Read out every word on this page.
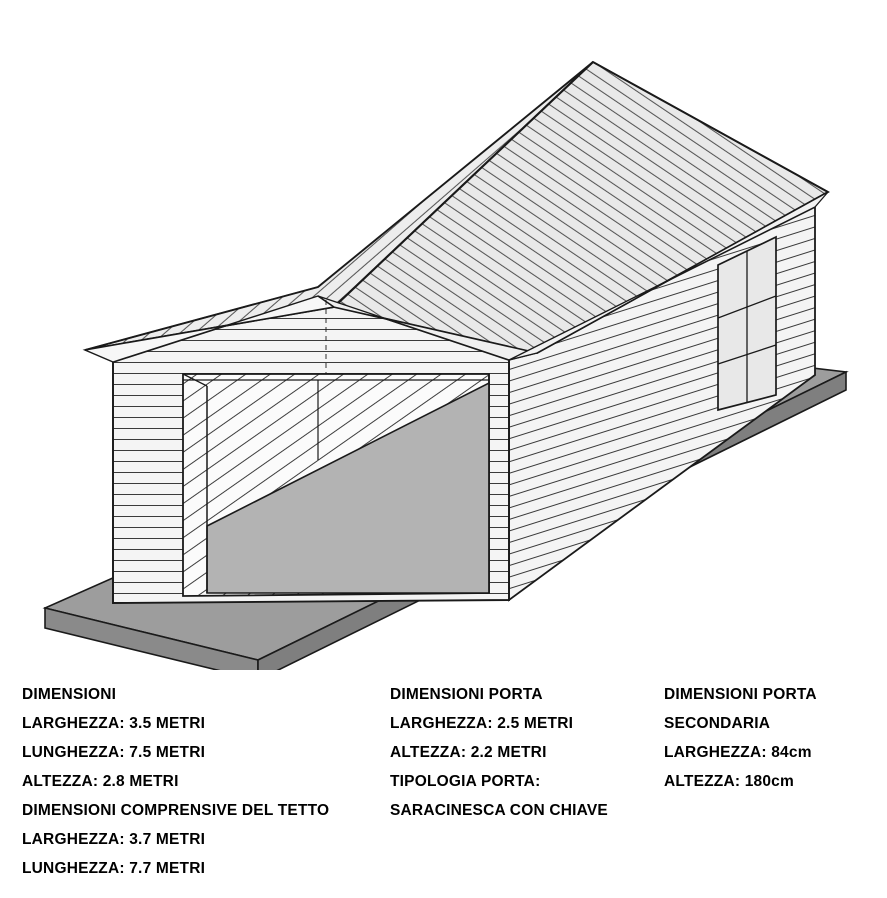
DIMENSIONI
LARGHEZZA: 3.5 METRI
LUNGHEZZA: 7.5 METRI
ALTEZZA: 2.8 METRI
DIMENSIONI COMPRENSIVE DEL TETTO
LARGHEZZA: 3.7 METRI
LUNGHEZZA: 7.7 METRI
DIMENSIONI PORTA
LARGHEZZA: 2.5 METRI
ALTEZZA: 2.2 METRI
TIPOLOGIA PORTA:
SARACINESCA CON CHIAVE
DIMENSIONI PORTA
SECONDARIA
LARGHEZZA: 84cm
ALTEZZA: 180cm
